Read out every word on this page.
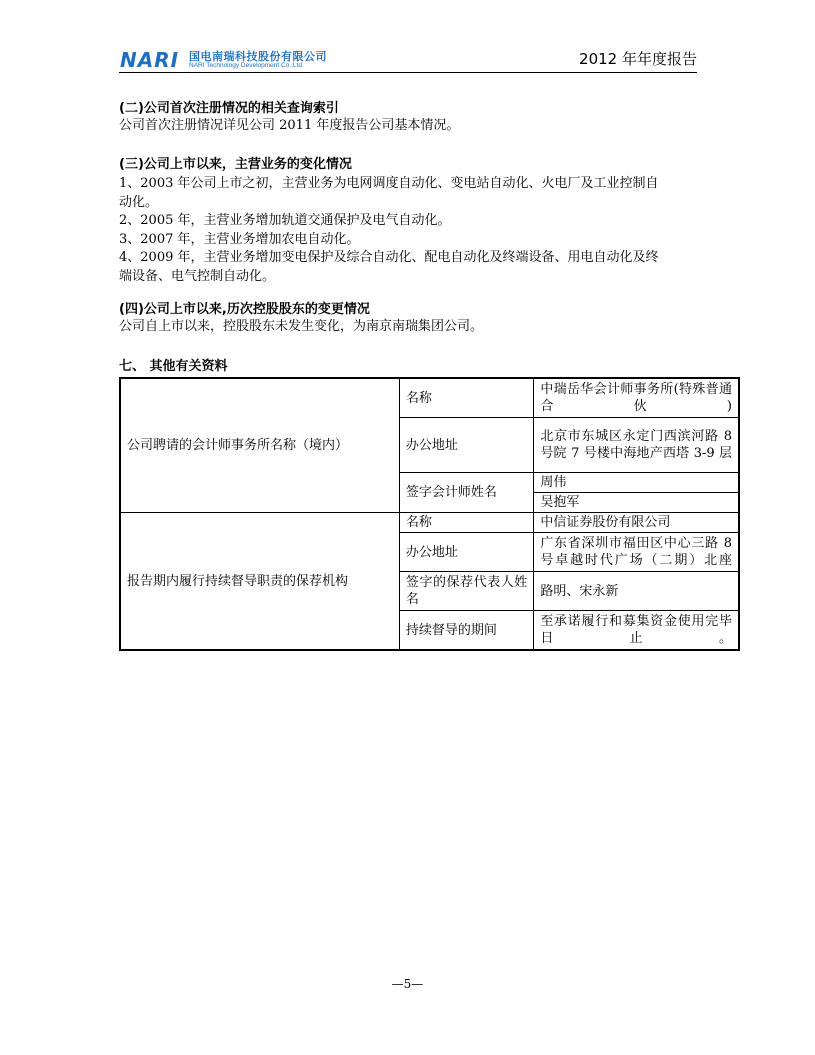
NARI 国电南瑞科技股份有限公司
NARI Technology Development Co.,Ltd.	2012 年年度报告
(二)公司首次注册情况的相关查询索引
公司首次注册情况详见公司 2011 年度报告公司基本情况。
(三)公司上市以来，主营业务的变化情况
1、2003 年公司上市之初，主营业务为电网调度自动化、变电站自动化、火电厂及工业控制自
动化。
2、2005 年，主营业务增加轨道交通保护及电气自动化。
3、2007 年，主营业务增加农电自动化。
4、2009 年，主营业务增加变电保护及综合自动化、配电自动化及终端设备、用电自动化及终
端设备、电气控制自动化。
(四)公司上市以来,历次控股股东的变更情况
公司自上市以来，控股股东未发生变化，为南京南瑞集团公司。
七、 其他有关资料
公司聘请的会计师事务所名称（境内）	名称	中瑞岳华会计师事务所(特殊普通合伙)
	办公地址	北京市东城区永定门西滨河路 8 号院 7 号楼中海地产西塔 3-9 层
	签字会计师姓名	周伟
		吴抱军
报告期内履行持续督导职责的保荐机构	名称	中信证券股份有限公司
	办公地址	广东省深圳市福田区中心三路 8 号卓越时代广场（二期）北座
	签字的保荐代表人姓名	路明、宋永新
	持续督导的期间	至承诺履行和募集资金使用完毕日止。
—5—
